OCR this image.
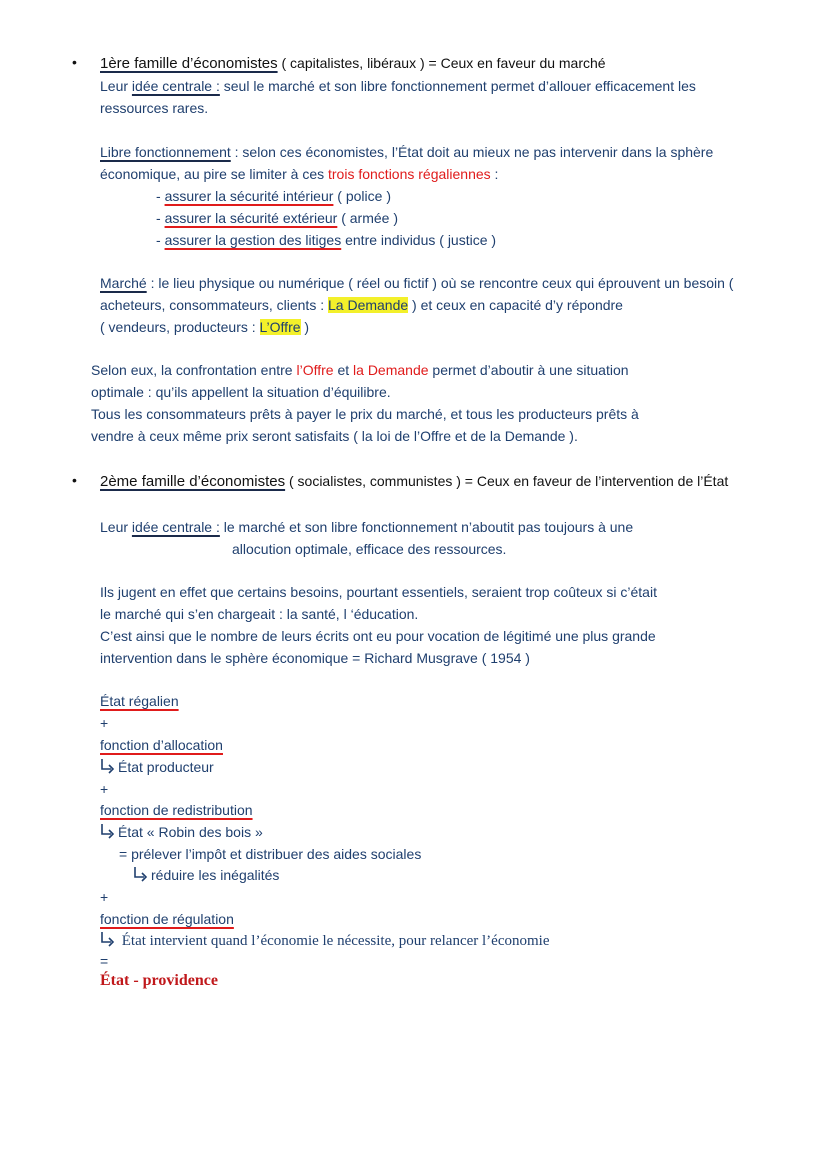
• 1ère famille d’économistes ( capitalistes, libéraux ) = Ceux en faveur du marché
Leur idée centrale : seul le marché et son libre fonctionnement permet d’allouer efficacement les
ressources rares.
Libre fonctionnement : selon ces économistes, l’État doit au mieux ne pas intervenir dans la sphère
économique, au pire se limiter à ces trois fonctions régaliennes :
- assurer la sécurité intérieur ( police )
- assurer la sécurité extérieur ( armée )
- assurer la gestion des litiges entre individus ( justice )
Marché : le lieu physique ou numérique ( réel ou fictif ) où se rencontre ceux qui éprouvent un besoin (
acheteurs, consommateurs, clients : La Demande ) et ceux en capacité d’y répondre
( vendeurs, producteurs : L’Offre )
Selon eux, la confrontation entre l’Offre et la Demande permet d’aboutir à une situation
optimale : qu’ils appellent la situation d’équilibre.
Tous les consommateurs prêts à payer le prix du marché, et tous les producteurs prêts à
vendre à ceux même prix seront satisfaits ( la loi de l’Offre et de la Demande ).
• 2ème famille d’économistes ( socialistes, communistes ) = Ceux en faveur de l’intervention de l’État
Leur idée centrale : le marché et son libre fonctionnement n’aboutit pas toujours à une
allocution optimale, efficace des ressources.
Ils jugent en effet que certains besoins, pourtant essentiels, seraient trop coûteux si c’était
le marché qui s’en chargeait : la santé, l ‘éducation.
C’est ainsi que le nombre de leurs écrits ont eu pour vocation de légitimé une plus grande
intervention dans le sphère économique = Richard Musgrave ( 1954 )
État régalien
+
fonction d’allocation
État producteur
+
fonction de redistribution
État « Robin des bois »
= prélever l’impôt et distribuer des aides sociales
réduire les inégalités
+
fonction de régulation
État intervient quand l’économie le nécessite, pour relancer l’économie
=
État - providence
